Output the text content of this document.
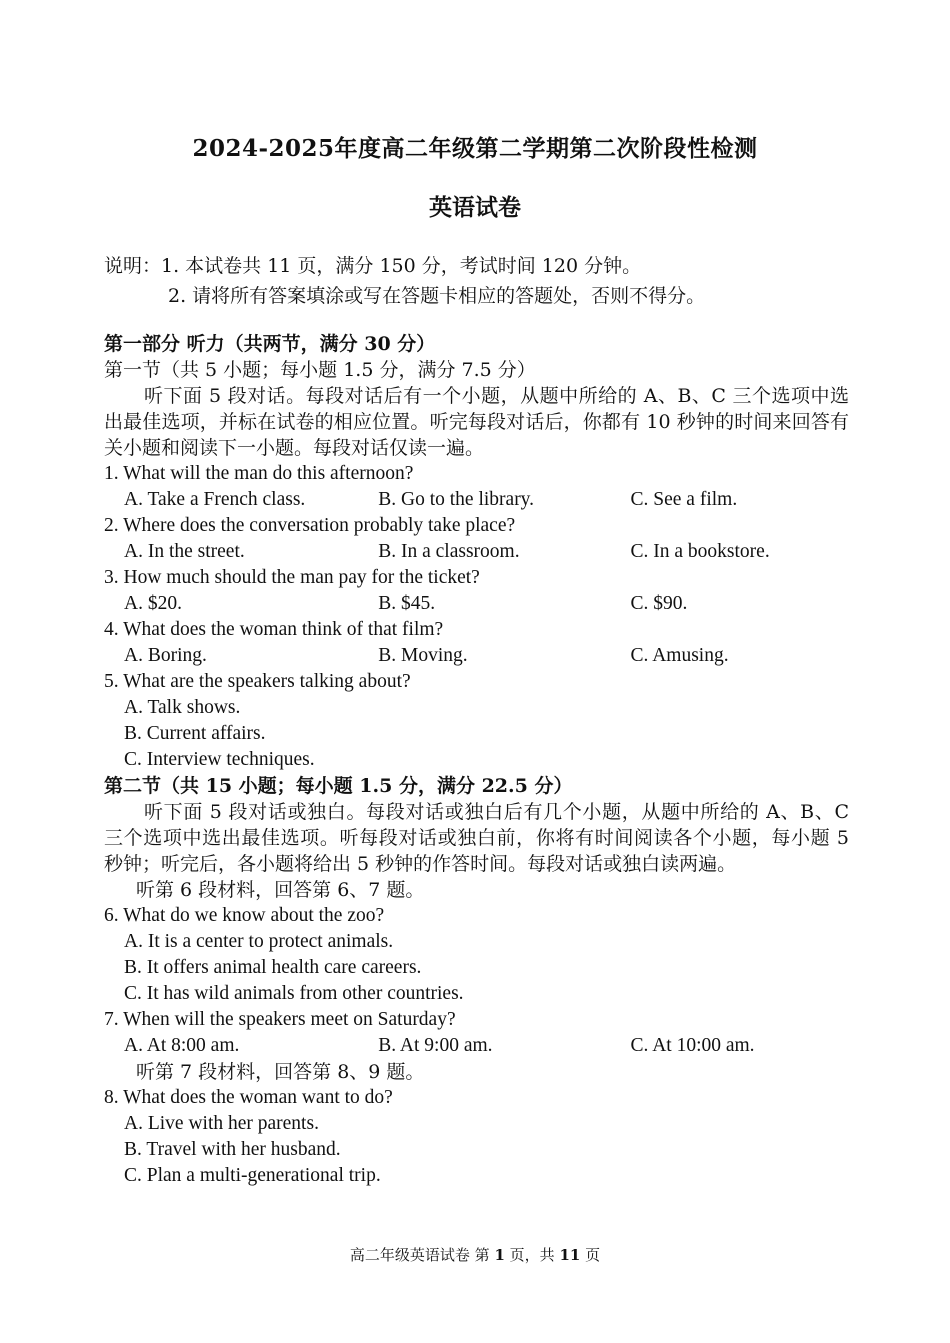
2024-2025年度高二年级第二学期第二次阶段性检测
英语试卷
说明：1. 本试卷共 11 页，满分 150 分，考试时间 120 分钟。
2. 请将所有答案填涂或写在答题卡相应的答题处，否则不得分。
第一部分 听力（共两节，满分 30 分）
第一节（共 5 小题；每小题 1.5 分，满分 7.5 分）
听下面 5 段对话。每段对话后有一个小题，从题中所给的 A、B、C 三个选项中选出最佳选项，并标在试卷的相应位置。听完每段对话后，你都有 10 秒钟的时间来回答有关小题和阅读下一小题。每段对话仅读一遍。
1. What will the man do this afternoon?
A. Take a French class.	B. Go to the library.	C. See a film.
2. Where does the conversation probably take place?
A. In the street.	B. In a classroom.	C. In a bookstore.
3. How much should the man pay for the ticket?
A. $20.	B. $45.	C. $90.
4. What does the woman think of that film?
A. Boring.	B. Moving.	C. Amusing.
5. What are the speakers talking about?
A. Talk shows.
B. Current affairs.
C. Interview techniques.
第二节（共 15 小题；每小题 1.5 分，满分 22.5 分）
听下面 5 段对话或独白。每段对话或独白后有几个小题，从题中所给的 A、B、C 三个选项中选出最佳选项。听每段对话或独白前，你将有时间阅读各个小题，每小题 5 秒钟；听完后，各小题将给出 5 秒钟的作答时间。每段对话或独白读两遍。
听第 6 段材料，回答第 6、7 题。
6. What do we know about the zoo?
A. It is a center to protect animals.
B. It offers animal health care careers.
C. It has wild animals from other countries.
7. When will the speakers meet on Saturday?
A. At 8:00 am.	B. At 9:00 am.	C. At 10:00 am.
听第 7 段材料，回答第 8、9 题。
8. What does the woman want to do?
A. Live with her parents.
B. Travel with her husband.
C. Plan a multi-generational trip.
高二年级英语试卷 第 1 页，共 11 页
